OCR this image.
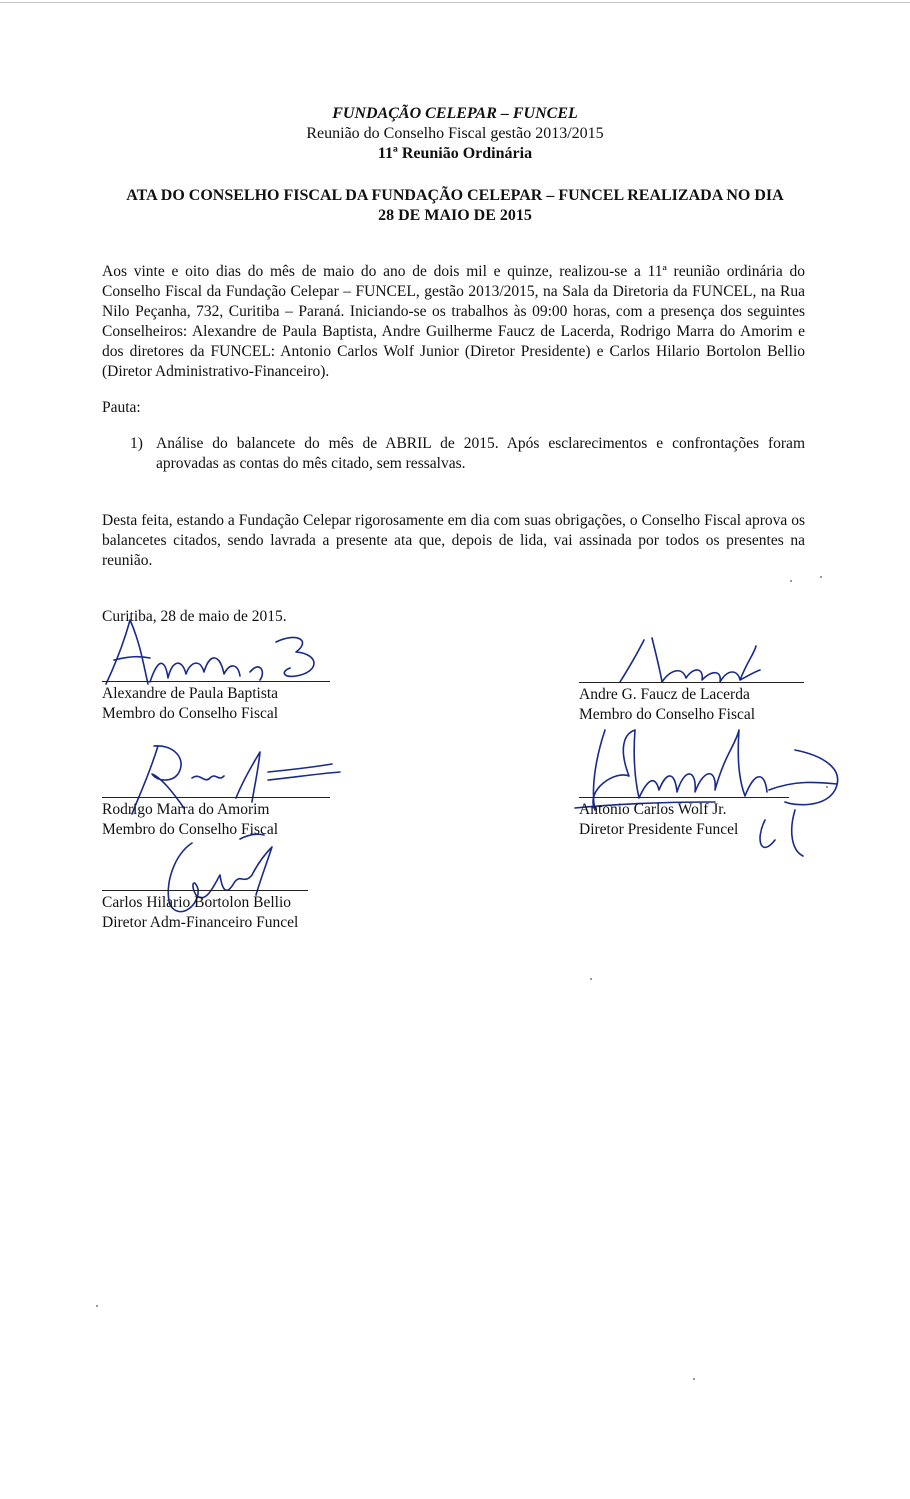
FUNDAÇÃO CELEPAR – FUNCEL
Reunião do Conselho Fiscal gestão 2013/2015
11ª Reunião Ordinária
ATA DO CONSELHO FISCAL DA FUNDAÇÃO CELEPAR – FUNCEL REALIZADA NO DIA
28 DE MAIO DE 2015
Aos vinte e oito dias do mês de maio do ano de dois mil e quinze, realizou-se a 11ª reunião ordinária do Conselho Fiscal da Fundação Celepar – FUNCEL, gestão 2013/2015, na Sala da Diretoria da FUNCEL, na Rua Nilo Peçanha, 732, Curitiba – Paraná. Iniciando-se os trabalhos às 09:00 horas, com a presença dos seguintes Conselheiros: Alexandre de Paula Baptista, Andre Guilherme Faucz de Lacerda, Rodrigo Marra do Amorim e dos diretores da FUNCEL: Antonio Carlos Wolf Junior (Diretor Presidente) e Carlos Hilario Bortolon Bellio (Diretor Administrativo-Financeiro).
Pauta:
1) Análise do balancete do mês de ABRIL de 2015. Após esclarecimentos e confrontações foram aprovadas as contas do mês citado, sem ressalvas.
Desta feita, estando a Fundação Celepar rigorosamente em dia com suas obrigações, o Conselho Fiscal aprova os balancetes citados, sendo lavrada a presente ata que, depois de lida, vai assinada por todos os presentes na reunião.
Curitiba, 28 de maio de 2015.
Alexandre de Paula Baptista
Membro do Conselho Fiscal
Andre G. Faucz de Lacerda
Membro do Conselho Fiscal
Rodrigo Marra do Amorim
Membro do Conselho Fiscal
Antonio Carlos Wolf Jr.
Diretor Presidente Funcel
Carlos Hilario Bortolon Bellio
Diretor Adm-Financeiro Funcel
